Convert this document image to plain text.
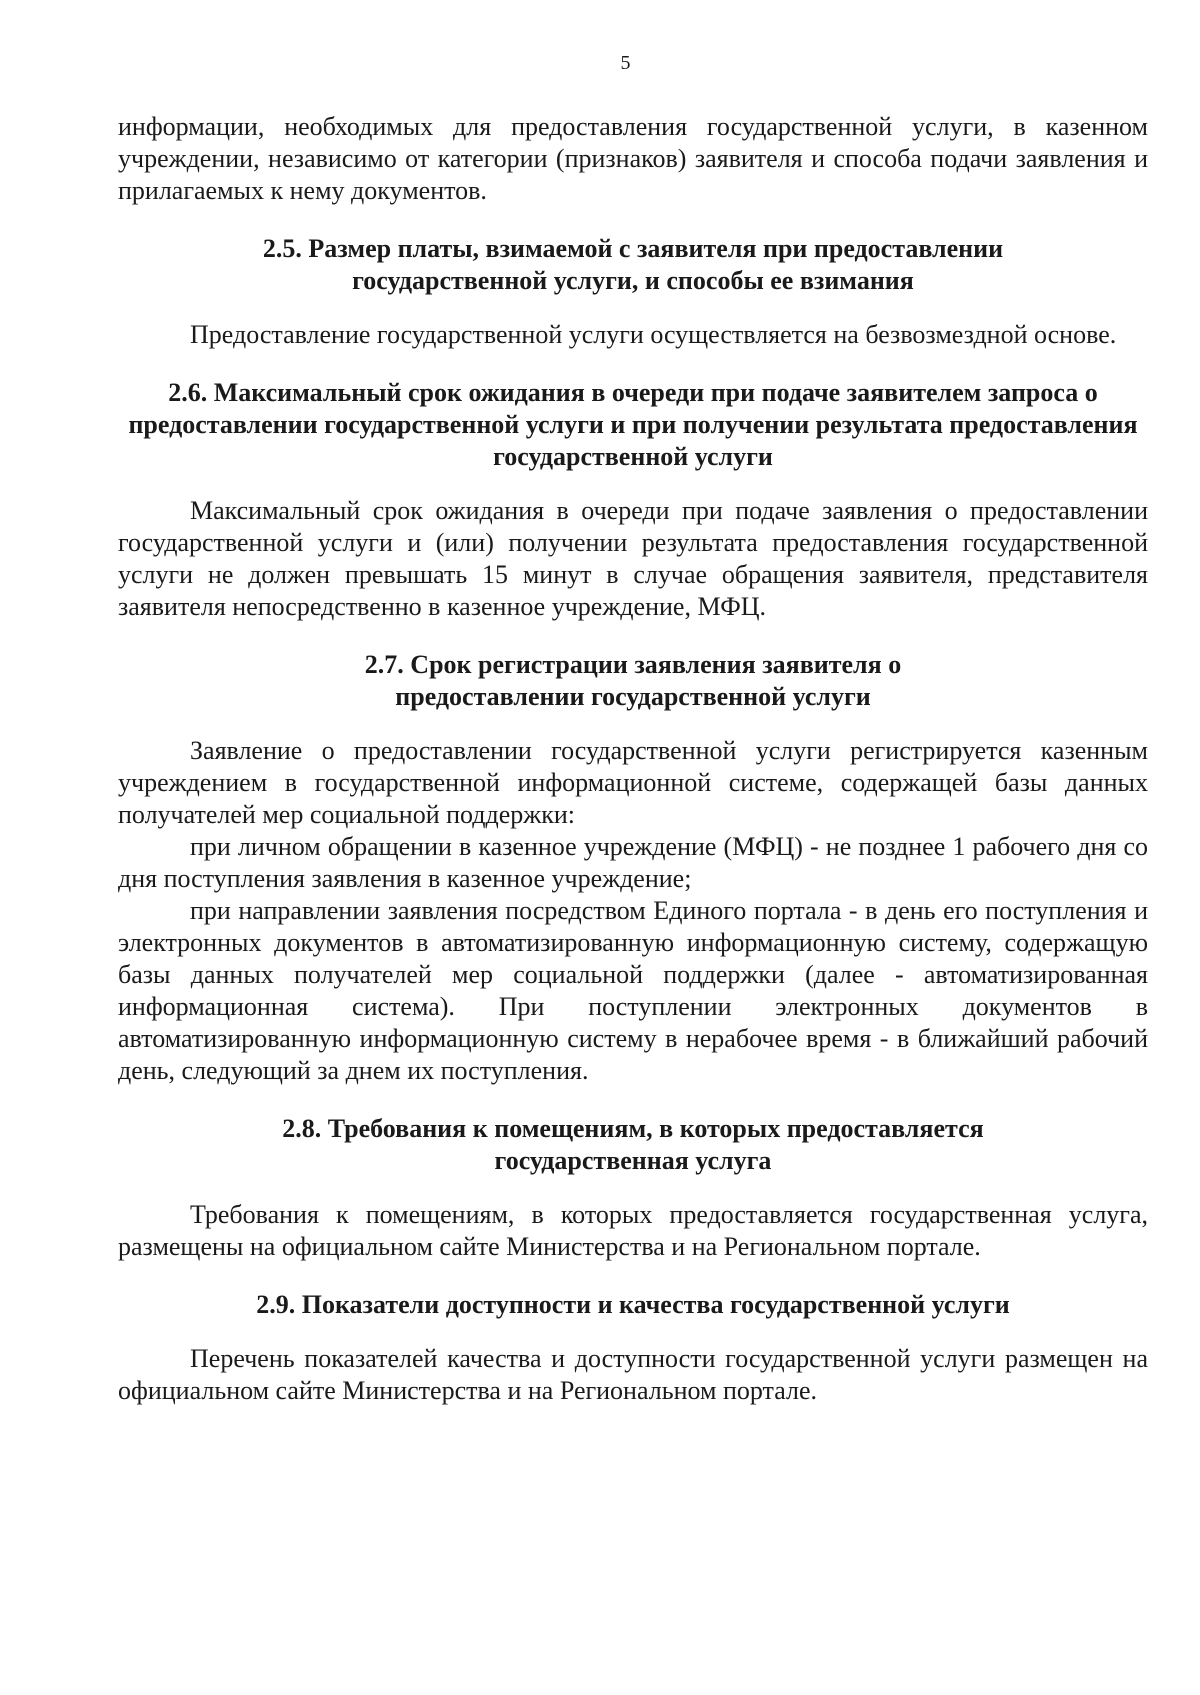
5

информации, необходимых для предоставления государственной услуги, в казенном учреждении, независимо от категории (признаков) заявителя и способа подачи заявления и прилагаемых к нему документов.

2.5. Размер платы, взимаемой с заявителя при предоставлении государственной услуги, и способы ее взимания

Предоставление государственной услуги осуществляется на безвозмездной основе.

2.6. Максимальный срок ожидания в очереди при подаче заявителем запроса о предоставлении государственной услуги и при получении результата предоставления государственной услуги

Максимальный срок ожидания в очереди при подаче заявления о предоставлении государственной услуги и (или) получении результата предоставления государственной услуги не должен превышать 15 минут в случае обращения заявителя, представителя заявителя непосредственно в казенное учреждение, МФЦ.

2.7. Срок регистрации заявления заявителя о предоставлении государственной услуги

Заявление о предоставлении государственной услуги регистрируется казенным учреждением в государственной информационной системе, содержащей базы данных получателей мер социальной поддержки:

при личном обращении в казенное учреждение (МФЦ) - не позднее 1 рабочего дня со дня поступления заявления в казенное учреждение;

при направлении заявления посредством Единого портала - в день его поступления и электронных документов в автоматизированную информационную систему, содержащую базы данных получателей мер социальной поддержки (далее - автоматизированная информационная система). При поступлении электронных документов в автоматизированную информационную систему в нерабочее время - в ближайший рабочий день, следующий за днем их поступления.

2.8. Требования к помещениям, в которых предоставляется государственная услуга

Требования к помещениям, в которых предоставляется государственная услуга, размещены на официальном сайте Министерства и на Региональном портале.

2.9. Показатели доступности и качества государственной услуги

Перечень показателей качества и доступности государственной услуги размещен на официальном сайте Министерства и на Региональном портале.
